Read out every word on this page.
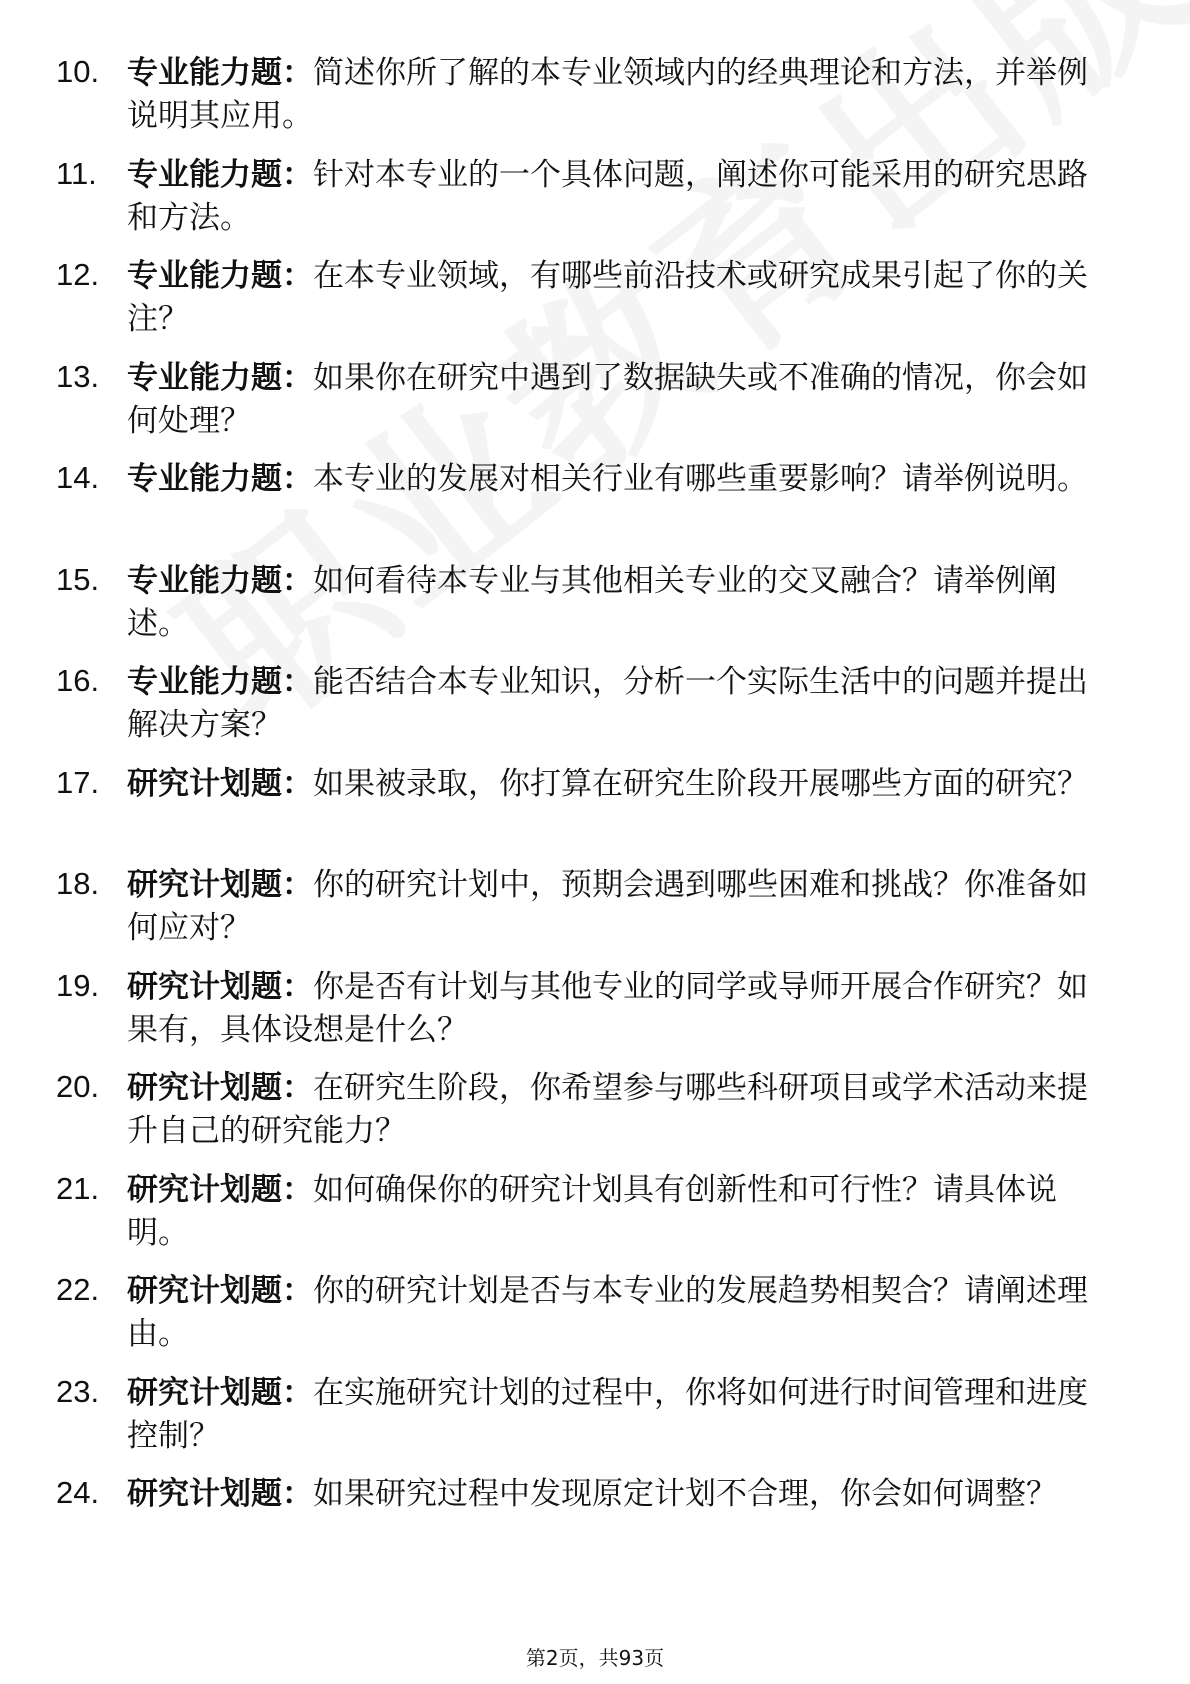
10. 专业能力题：简述你所了解的本专业领域内的经典理论和方法，并举例说明其应用。
11. 专业能力题：针对本专业的一个具体问题，阐述你可能采用的研究思路和方法。
12. 专业能力题：在本专业领域，有哪些前沿技术或研究成果引起了你的关注？
13. 专业能力题：如果你在研究中遇到了数据缺失或不准确的情况，你会如何处理？
14. 专业能力题：本专业的发展对相关行业有哪些重要影响？请举例说明。
15. 专业能力题：如何看待本专业与其他相关专业的交叉融合？请举例阐述。
16. 专业能力题：能否结合本专业知识，分析一个实际生活中的问题并提出解决方案？
17. 研究计划题：如果被录取，你打算在研究生阶段开展哪些方面的研究？
18. 研究计划题：你的研究计划中，预期会遇到哪些困难和挑战？你准备如何应对？
19. 研究计划题：你是否有计划与其他专业的同学或导师开展合作研究？如果有，具体设想是什么？
20. 研究计划题：在研究生阶段，你希望参与哪些科研项目或学术活动来提升自己的研究能力？
21. 研究计划题：如何确保你的研究计划具有创新性和可行性？请具体说明。
22. 研究计划题：你的研究计划是否与本专业的发展趋势相契合？请阐述理由。
23. 研究计划题：在实施研究计划的过程中，你将如何进行时间管理和进度控制？
24. 研究计划题：如果研究过程中发现原定计划不合理，你会如何调整？
第2页，共93页
